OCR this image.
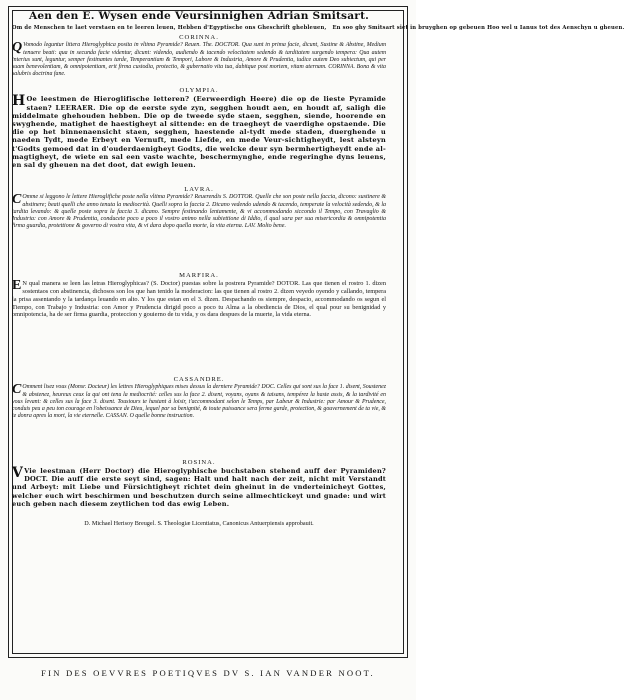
Aen den E. Wysen ende Veursinnighen Adrian Smitsart.
Om de Menschen te laet verstaen en te leeren leuen, Hebben d'Egyptische ons Gheschrift ghebleuen, En soo ghy Smitsart siet in bruyghen op gebeuen Hoo wel u Ianus tot des Aenschyn u gheuen.
CORINNA.
Q Vomodo leguntur littera Hieroglyphica posita in vltima Pyramide? Reuen. The. DOCTOR. Qua sunt in prima facie, dicunt, Sustine & Abstine, Medium tenuere beati: qua in secunda facie videntur, dicunt: videndo, audiendo & tacendo velocitatem sedendo & tarditatem surgendo tempera: Qua autem interius sunt, leguntur, semper festinantes tarde, Temperantiam & Tempori, Labore & Industria, Amore & Prudentia, iudice autem Deo subiectum, qui per suam benevolentiam, & omnipotentiam, erit firma custodia, protectio, & gubernatio vita tua, dabitque post mortem, vitam aternam. CORINNA. Bona & vita salubris doctrina fane.
OLYMPIA.
H Oe leestmen de Hieroglifische letteren? (Eerweerdigh Heere) die op de lieste Pyramide staen? LEERAER. Die op de eerste syde zyn, segghen houdt aen, en houdt af, saligh die middelmate ghehouden hebben. Die op de tweede syde staen, segghen, siende, hoorende en swyghende, matighet de haestigheyt al sittende: en de traegheyt de vaerdighe opstaende. Die die op het binnenaensicht staen, segghen, haestende al-tydt mede staden, duerghende u naeden Tydt, mede Erbeyt en Vernuft, mede Liefde, en mede Veur-sichtigheydt, lest alsteyn t'Godts gemoed dat in d'ouderdaenigheyt Godts, die welcke deur syn bermhertigheydt ende al-magtigheyt, de wiete en sal een vaste wachte, beschermynghe, ende regeringhe dyns leuens, en sal dy gheuen na det doot, dat ewigh leuen.
LAVRA.
C Omme si leggono le lettere Hieroglifiche poste nella vltima Pyramide? Reuerendis S. DOTTOR. Quelle che son poste nella faccia, dicono: sustinere & abstinere; beati quelli che anno tenuta la mediocrità. Quelli sopra la faccia 2. Dicano vedendo udendo & tacendo, temperate la velocità sedendo, & la tardita levando: & quelle poste sopra la faccia 3. dicano. Sempre festinando lentamente, & vi accommodando siccondo il Tempo, con Travaglio & Industria: con Amore & Prudentia, conducete poco a poco il vostro animo nella subiettione di Iddio, il qual sara per sua misericordia & omnipotentia firma guardia, protettione & governo di vostra vita, & vi dara dopo quella morte, la vita eterna. LAV. Molto bene.
MARFIRA.
E N qual manera se leen las letras Hieroglyphicas? (S. Doctor) puestas sobre la postrera Pyramide? DOTOR. Las que tienen el rostro 1. dizen sostentaos con abstinencia, dichosos son los que han tenido la moderacion: las que tienen al rostro 2. dizen veyedo oyendo y callando, tempera la prisa assentando y la tardança leuando en alto. Y los que estan en el 3. dizen. Despachando os siempre, despacio, accommodando os segun el Tiempo, con Trabajo y Industria: con Amor y Prudencia dirigid poco a poco tu Alma a la obediencia de Dios, el qual pour su benignidad y omnipotencia, ha de ser firma guardia, proteccion y gouierno de tu vida, y os dara despues de la muerte, la vida eterna.
CASSANDRE.
C Omment lisez vous (Monsr. Docteur) les lettres Hieroglyphiques mises dessus la derniere Pyramide? DOC. Celles qui sont sus la face 1. disent, Soustenez & abstenez, heureux ceux la qui ont tenu la mediocrité: celles sus la face 2. disent, voyans, oyans & taisans, tempérez la haste assis, & la tardivité en vous levant: & celles sus la face 3. disent. Tousiours te hastant à loisir, t'accommodant selon le Temps, par Labeur & Industrie: par Amour & Prudence, conduis peu a peu ton courage en l'obeissance de Dieu, lequel par sa benignité, & toute puissance sera ferme garde, protection, & gouvernement de ta vie, & te donra apres la mort, la vie eternelle. CASSAN. O quelle bonne instruction.
ROSINA.
V Vie leestman (Herr Doctor) die Hieroglyphische buchstaben stehend auff der Pyramiden? DOCT. Die auff die erste seyt sind, sagen: Halt und halt nach der zeit, nicht mit Verstandt und Arbeyt: mit Liebe und Fürsichtigheyt richtet dein gheinut in de vnderteinicheyt Gottes, welcher euch wirt beschirmen und beschutzen durch seine allmechtickeyt und gnade: und wirt euch geben nach diesem zeytlichen tod das ewig Leben.
D. Michael Herisoy Breugel. S. Theologiæ Licentiatus, Canonicus Antuerpiensis approbauit.
FIN DES OEVVRES POETIQVES DV S. IAN VANDER NOOT.
